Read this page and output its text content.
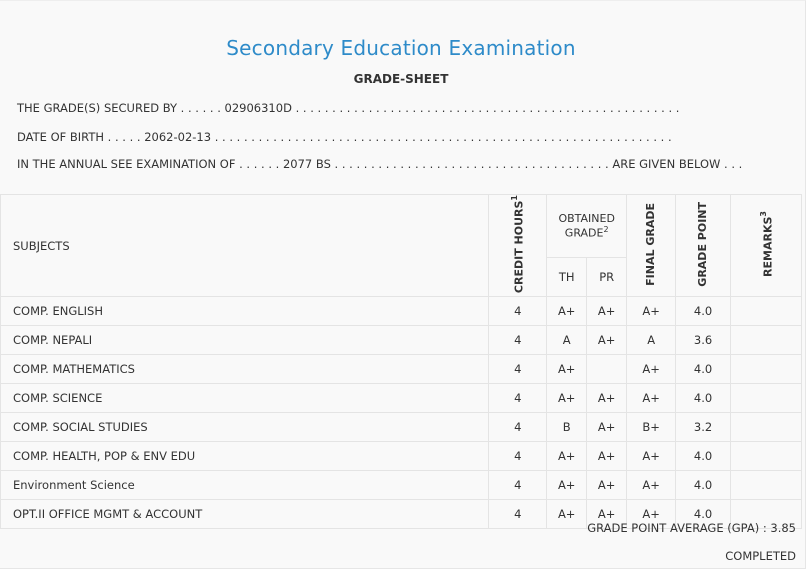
Secondary Education Examination
GRADE-SHEET
THE GRADE(S) SECURED BY . . . . . . 02906310D . . . . . . . . . . . . . . . . . . . . . . . . . . . . . . . . . . . . . . . . . . . . . . . . . . . . .
DATE OF BIRTH . . . . . 2062-02-13 . . . . . . . . . . . . . . . . . . . . . . . . . . . . . . . . . . . . . . . . . . . . . . . . . . . . . . . . . . . . . . .
IN THE ANNUAL SEE EXAMINATION OF . . . . . . 2077 BS . . . . . . . . . . . . . . . . . . . . . . . . . . . . . . . . . . . . . . ARE GIVEN BELOW . . .
SUBJECTS	CREDIT HOURS$^1$	OBTAINED GRADE$^2$		FINAL GRADE	GRADE POINT	REMARKS$^3$
		TH	PR			
COMP. ENGLISH	4	A+	A+	A+	4.0	
COMP. NEPALI	4	A	A+	A	3.6	
COMP. MATHEMATICS	4	A+		A+	4.0	
COMP. SCIENCE	4	A+	A+	A+	4.0	
COMP. SOCIAL STUDIES	4	B	A+	B+	3.2	
COMP. HEALTH, POP & ENV EDU	4	A+	A+	A+	4.0	
Environment Science	4	A+	A+	A+	4.0	
OPT.II OFFICE MGMT & ACCOUNT	4	A+	A+	A+	4.0	
GRADE POINT AVERAGE (GPA) : 3.85
COMPLETED
